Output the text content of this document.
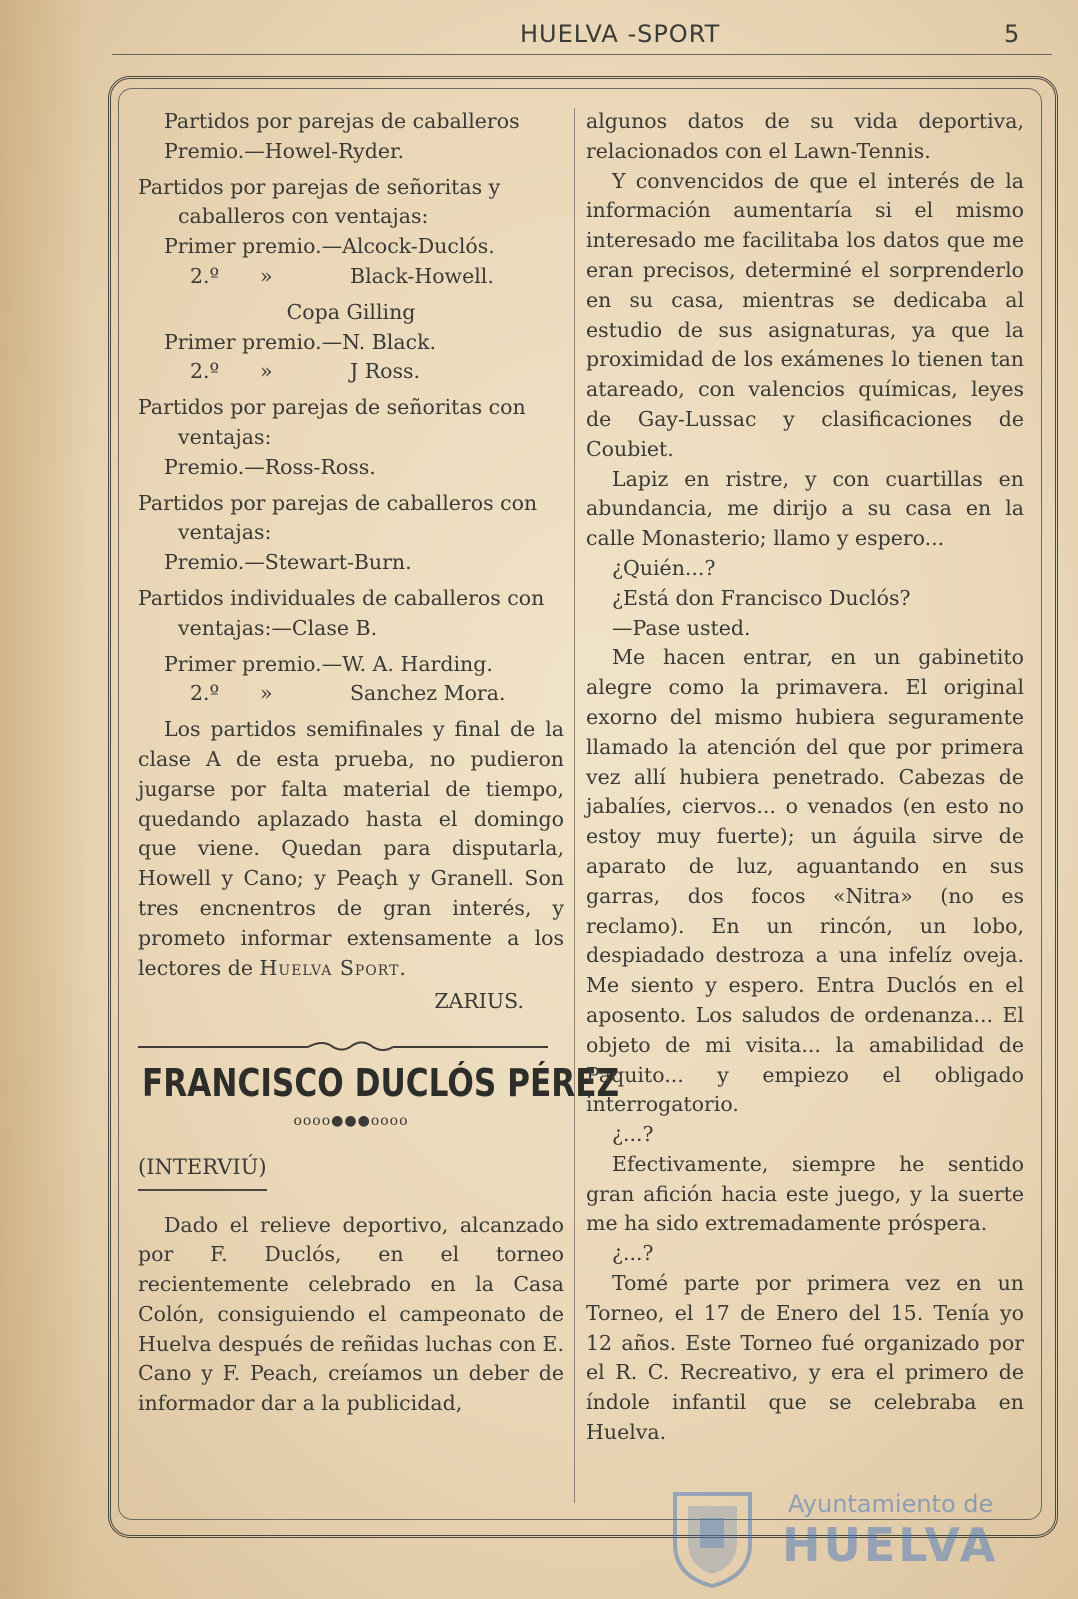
HUELVA -SPORT	5

Partidos por parejas de caballeros

Premio.—Howel-Ryder.

Partidos por parejas de señoritas y caballeros con ventajas:

Primer premio.—Alcock-Duclós.

2.º	»	Black-Howell.

Copa Gilling

Primer premio.—N. Black.

2.º	»	J Ross.

Partidos por parejas de señoritas con ventajas:

Premio.—Ross-Ross.

Partidos por parejas de caballeros con ventajas:

Premio.—Stewart-Burn.

Partidos individuales de caballeros con ventajas:—Clase B.

Primer premio.—W. A. Harding.

2.º	»	Sanchez Mora.

Los partidos semifinales y final de la clase A de esta prueba, no pudieron jugarse por falta material de tiempo, quedando aplazado hasta el domingo que viene. Quedan para disputarla, Howell y Cano; y Peaçh y Granell. Son tres encnentros de gran interés, y prometo informar extensamente a los lectores de Huelva Sport.

ZARIUS.

FRANCISCO DUCLÓS PÉREZ
oooo●●●oooo
(INTERVIÚ)

Dado el relieve deportivo, alcanzado por F. Duclós, en el torneo recientemente celebrado en la Casa Colón, consiguiendo el campeonato de Huelva después de reñidas luchas con E. Cano y F. Peach, creíamos un deber de informador dar a la publicidad,

algunos datos de su vida deportiva, relacionados con el Lawn-Tennis.

Y convencidos de que el interés de la información aumentaría si el mismo interesado me facilitaba los datos que me eran precisos, determiné el sorprenderlo en su casa, mientras se dedicaba al estudio de sus asignaturas, ya que la proximidad de los exámenes lo tienen tan atareado, con valencios químicas, leyes de Gay-Lussac y clasificaciones de Coubiet.

Lapiz en ristre, y con cuartillas en abundancia, me dirijo a su casa en la calle Monasterio; llamo y espero...

¿Quién...?

¿Está don Francisco Duclós?

—Pase usted.

Me hacen entrar, en un gabinetito alegre como la primavera. El original exorno del mismo hubiera seguramente llamado la atención del que por primera vez allí hubiera penetrado. Cabezas de jabalíes, ciervos... o venados (en esto no estoy muy fuerte); un águila sirve de aparato de luz, aguantando en sus garras, dos focos «Nitra» (no es reclamo). En un rincón, un lobo, despiadado destroza a una infelíz oveja. Me siento y espero. Entra Duclós en el aposento. Los saludos de ordenanza... El objeto de mi visita... la amabilidad de Paquito... y empiezo el obligado interrogatorio.

¿...?

Efectivamente, siempre he sentido gran afición hacia este juego, y la suerte me ha sido extremadamente próspera.

¿...?

Tomé parte por primera vez en un Torneo, el 17 de Enero del 15. Tenía yo 12 años. Este Torneo fué organizado por el R. C. Recreativo, y era el primero de índole infantil que se celebraba en Huelva.

Ayuntamiento de
HUELVA
